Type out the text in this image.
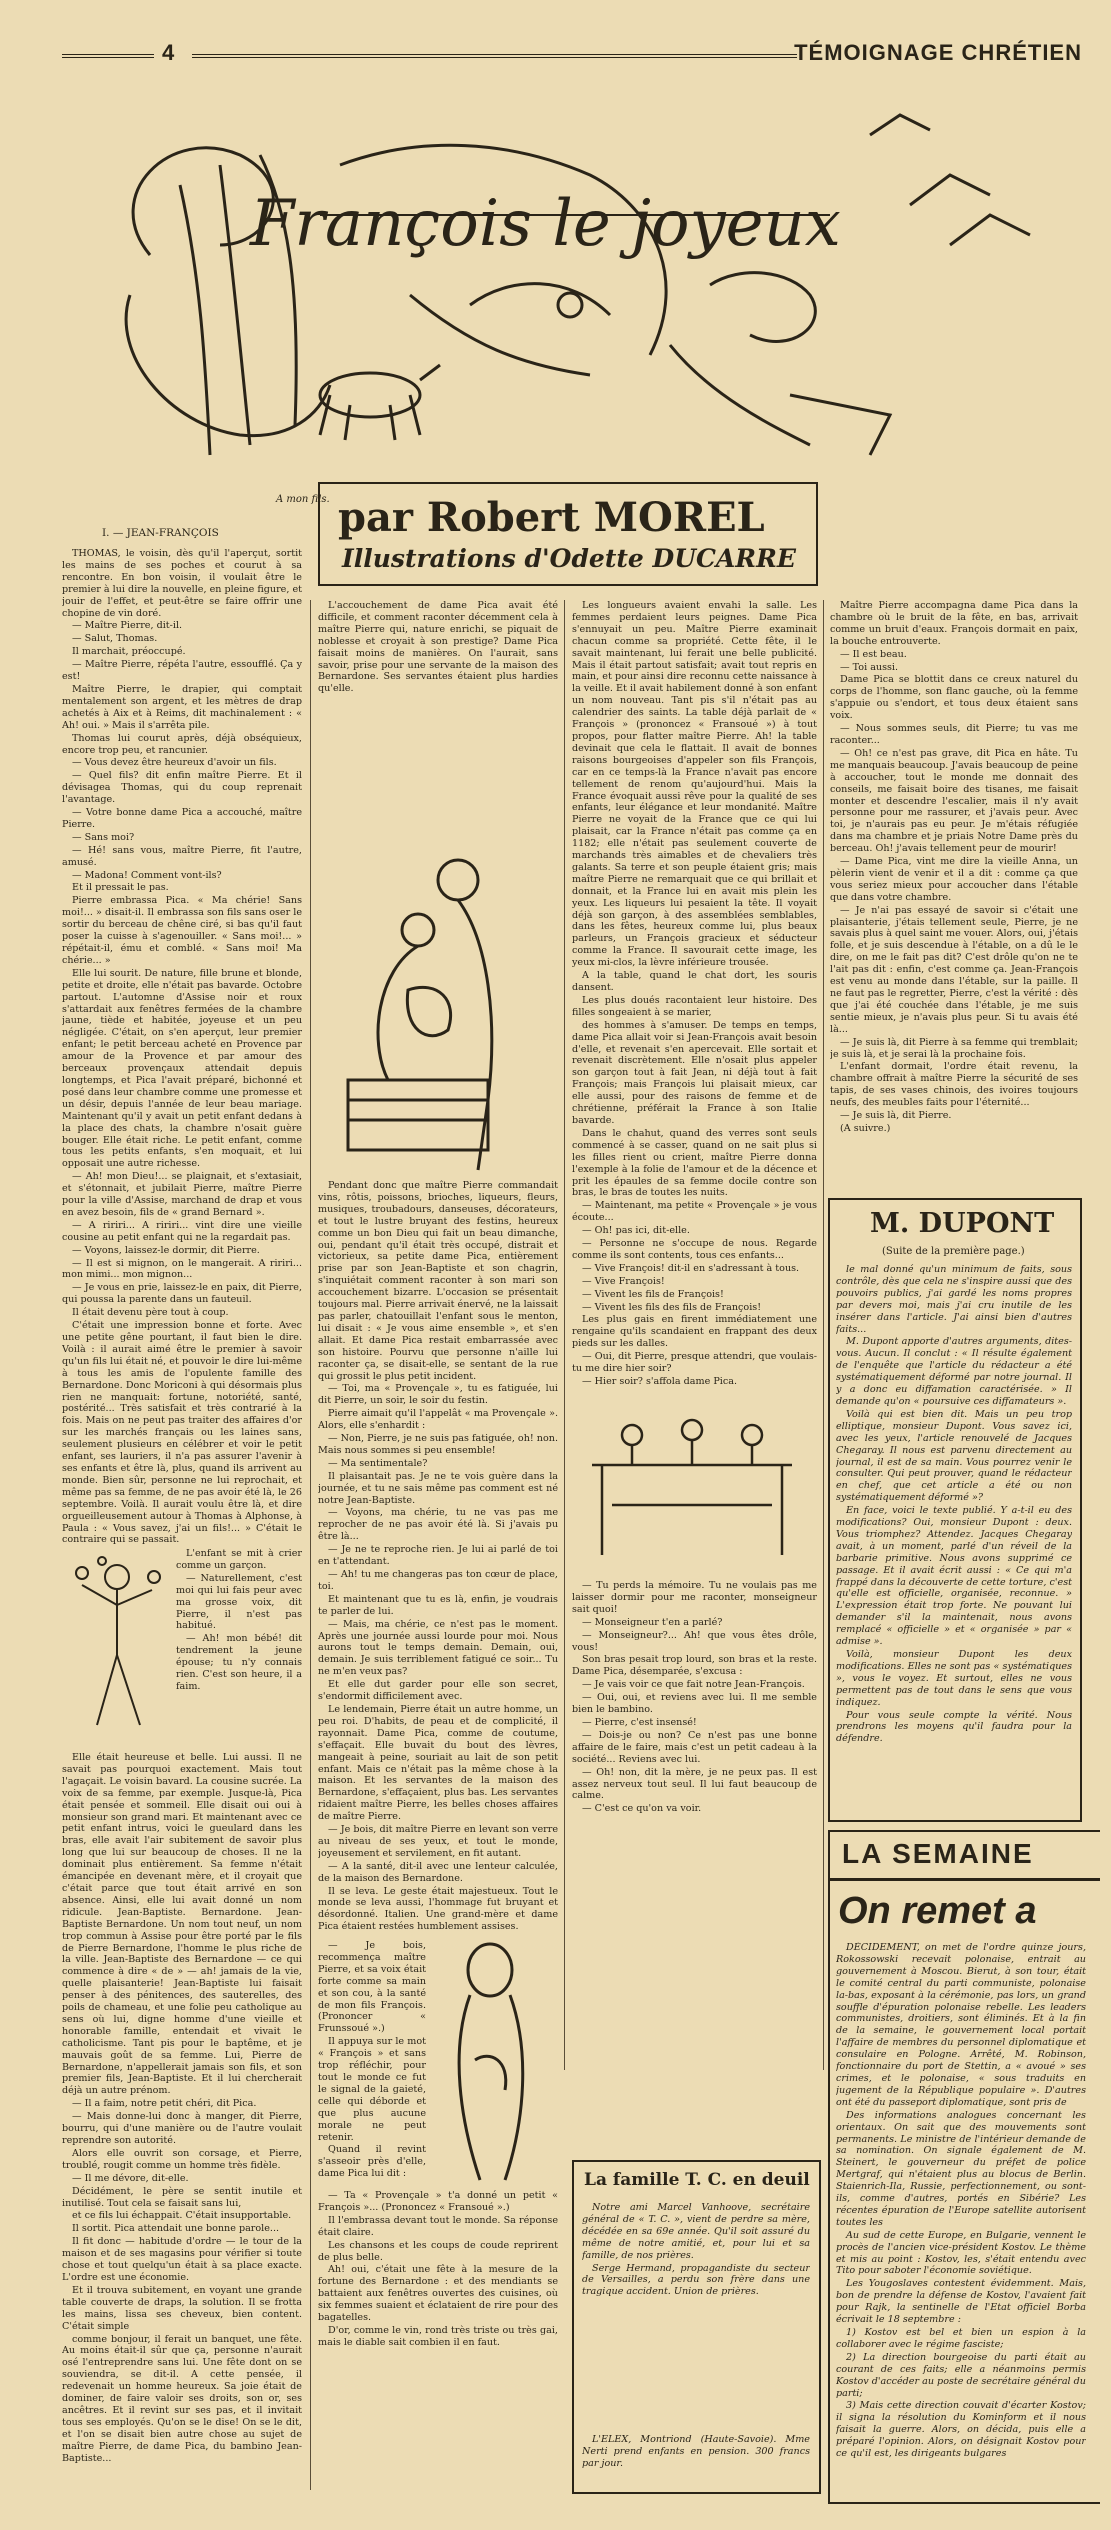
4	TÉMOIGNAGE CHRÉTIEN
François le joyeux
A mon fils. par Robert MOREL
Illustrations d'Odette DUCARRE
I. — JEAN-FRANÇOIS

THOMAS, le voisin, dès qu'il l'aperçut, sortit les mains de ses poches et courut à sa rencontre. En bon voisin, il voulait être le premier à lui dire la nouvelle, en pleine figure, et jouir de l'effet, et peut-être se faire offrir une chopine de vin doré.

— Maître Pierre, dit-il.

— Salut, Thomas.

Il marchait, préoccupé.

— Maître Pierre, répéta l'autre, essoufflé. Ça y est!

Maître Pierre, le drapier, qui comptait mentalement son argent, et les mètres de drap achetés à Aix et à Reims, dit machinalement : « Ah! oui. » Mais il s'arrêta pile.

Thomas lui courut après, déjà obséquieux, encore trop peu, et rancunier.

— Vous devez être heureux d'avoir un fils.

— Quel fils? dit enfin maître Pierre. Et il dévisagea Thomas, qui du coup reprenait l'avantage.

— Votre bonne dame Pica a accouché, maître Pierre.

— Sans moi?

— Hé! sans vous, maître Pierre, fit l'autre, amusé.

— Madona! Comment vont-ils?

Et il pressait le pas.

Pierre embrassa Pica. « Ma chérie! Sans moi!... » disait-il. Il embrassa son fils sans oser le sortir du berceau de chêne ciré, si bas qu'il faut poser la cuisse à s'agenouiller. « Sans moi!... » répétait-il, ému et comblé. « Sans moi! Ma chérie... »

Elle lui sourit. De nature, fille brune et blonde, petite et droite, elle n'était pas bavarde. Octobre partout. L'automne d'Assise noir et roux s'attardait aux fenêtres fermées de la chambre jaune, tiède et habitée, joyeuse et un peu négligée. C'était, on s'en aperçut, leur premier enfant; le petit berceau acheté en Provence par amour de la Provence et par amour des berceaux provençaux attendait depuis longtemps, et Pica l'avait préparé, bichonné et posé dans leur chambre comme une promesse et un désir, depuis l'année de leur beau mariage. Maintenant qu'il y avait un petit enfant dedans à la place des chats, la chambre n'osait guère bouger. Elle était riche. Le petit enfant, comme tous les petits enfants, s'en moquait, et lui opposait une autre richesse.

— Ah! mon Dieu!... se plaignait, et s'extasiait, et s'étonnait, et jubilait Pierre, maître Pierre pour la ville d'Assise, marchand de drap et vous en avez besoin, fils de « grand Bernard ».

— A ririri... A ririri... vint dire une vieille cousine au petit enfant qui ne la regardait pas.

— Voyons, laissez-le dormir, dit Pierre.

— Il est si mignon, on le mangerait. A ririri... mon mimi... mon mignon...

— Je vous en prie, laissez-le en paix, dit Pierre, qui poussa la parente dans un fauteuil.

Il était devenu père tout à coup.

C'était une impression bonne et forte. Avec une petite gêne pourtant, il faut bien le dire. Voilà : il aurait aimé être le premier à savoir qu'un fils lui était né, et pouvoir le dire lui-même à tous les amis de l'opulente famille des Bernardone. Donc Moriconi à qui désormais plus rien ne manquait: fortune, notoriété, santé, postérité... Très satisfait et très contrarié à la fois. Mais on ne peut pas traiter des affaires d'or sur les marchés français ou les laines sans, seulement plusieurs en célébrer et voir le petit enfant, ses lauriers, il n'a pas assurer l'avenir à ses enfants et être là, plus, quand ils arrivent au monde. Bien sûr, personne ne lui reprochait, et même pas sa femme, de ne pas avoir été là, le 26 septembre. Voilà. Il aurait voulu être là, et dire orgueilleusement autour à Thomas à Alphonse, à Paula : « Vous savez, j'ai un fils!... » C'était le contraire qui se passait.

L'enfant se mit à crier comme un garçon.

— Naturellement, c'est moi qui lui fais peur avec ma grosse voix, dit Pierre, il n'est pas habitué.

— Ah! mon bébé! dit tendrement la jeune épouse; tu n'y connais rien. C'est son heure, il a faim.

Elle était heureuse et belle. Lui aussi. Il ne savait pas pourquoi exactement. Mais tout l'agaçait. Le voisin bavard. La cousine sucrée. La voix de sa femme, par exemple. Jusque-là, Pica était pensée et sommeil. Elle disait oui oui à monsieur son grand mari. Et maintenant avec ce petit enfant intrus, voici le gueulard dans les bras, elle avait l'air subitement de savoir plus long que lui sur beaucoup de choses. Il ne la dominait plus entièrement. Sa femme n'était émancipée en devenant mère, et il croyait que c'était parce que tout était arrivé en son absence. Ainsi, elle lui avait donné un nom ridicule. Jean-Baptiste. Bernardone. Jean-Baptiste Bernardone. Un nom tout neuf, un nom trop commun à Assise pour être porté par le fils de Pierre Bernardone, l'homme le plus riche de la ville. Jean-Baptiste des Bernardone — ce qui commence à dire « de » — ah! jamais de la vie, quelle plaisanterie! Jean-Baptiste lui faisait penser à des pénitences, des sauterelles, des poils de chameau, et une folie peu catholique au sens où lui, digne homme d'une vieille et honorable famille, entendait et vivait le catholicisme. Tant pis pour le baptême, et je mauvais goût de sa femme. Lui, Pierre de Bernardone, n'appellerait jamais son fils, et son premier fils, Jean-Baptiste. Et il lui chercherait déjà un autre prénom.

— Il a faim, notre petit chéri, dit Pica.

— Mais donne-lui donc à manger, dit Pierre, bourru, qui d'une manière ou de l'autre voulait reprendre son autorité.

Alors elle ouvrit son corsage, et Pierre, troublé, rougit comme un homme très fidèle.

— Il me dévore, dit-elle.

Décidément, le père se sentit inutile et inutilisé. Tout cela se faisait sans lui,

et ce fils lui échappait. C'était insupportable.

Il sortit. Pica attendait une bonne parole...

Il fit donc — habitude d'ordre — le tour de la maison et de ses magasins pour vérifier si toute chose et tout quelqu'un était à sa place exacte. L'ordre est une économie.

Et il trouva subitement, en voyant une grande table couverte de draps, la solution. Il se frotta les mains, lissa ses cheveux, bien content. C'était simple

comme bonjour, il ferait un banquet, une fête. Au moins était-il sûr que ça, personne n'aurait osé l'entreprendre sans lui. Une fête dont on se souviendra, se dit-il. A cette pensée, il redevenait un homme heureux. Sa joie était de dominer, de faire valoir ses droits, son or, ses ancêtres. Et il revint sur ses pas, et il invitait tous ses employés. Qu'on se le dise! On se le dit, et l'on se disait bien autre chose au sujet de maître Pierre, de dame Pica, du bambino Jean-Baptiste...

L'accouchement de dame Pica avait été difficile, et comment raconter décemment cela à maître Pierre qui, nature enrichi, se piquait de noblesse et croyait à son prestige? Dame Pica faisait moins de manières. On l'aurait, sans savoir, prise pour une servante de la maison des Bernardone. Ses servantes étaient plus hardies qu'elle.

Pendant donc que maître Pierre commandait vins, rôtis, poissons, brioches, liqueurs, fleurs, musiques, troubadours, danseuses, décorateurs, et tout le lustre bruyant des festins, heureux comme un bon Dieu qui fait un beau dimanche, oui, pendant qu'il était très occupé, distrait et victorieux, sa petite dame Pica, entièrement prise par son Jean-Baptiste et son chagrin, s'inquiétait comment raconter à son mari son accouchement bizarre. L'occasion se présentait toujours mal. Pierre arrivait énervé, ne la laissait pas parler, chatouillait l'enfant sous le menton, lui disait : « Je vous aime ensemble », et s'en allait. Et dame Pica restait embarrassée avec son histoire. Pourvu que personne n'aille lui raconter ça, se disait-elle, se sentant de la rue qui grossit le plus petit incident.

— Toi, ma « Provençale », tu es fatiguée, lui dit Pierre, un soir, le soir du festin.

Pierre aimait qu'il l'appelât « ma Provençale ». Alors, elle s'enhardit :

— Non, Pierre, je ne suis pas fatiguée, oh! non. Mais nous sommes si peu ensemble!

— Ma sentimentale?

Il plaisantait pas. Je ne te vois guère dans la journée, et tu ne sais même pas comment est né notre Jean-Baptiste.

— Voyons, ma chérie, tu ne vas pas me reprocher de ne pas avoir été là. Si j'avais pu être là...

— Je ne te reproche rien. Je lui ai parlé de toi en t'attendant.

— Ah! tu me changeras pas ton cœur de place, toi.

Et maintenant que tu es là, enfin, je voudrais te parler de lui.

— Mais, ma chérie, ce n'est pas le moment. Après une journée aussi lourde pour moi. Nous aurons tout le temps demain. Demain, oui, demain. Je suis terriblement fatigué ce soir... Tu ne m'en veux pas?

Et elle dut garder pour elle son secret, s'endormit difficilement avec.

Le lendemain, Pierre était un autre homme, un peu roi. D'habits, de peau et de complicité, il rayonnait. Dame Pica, comme de coutume, s'effaçait. Elle buvait du bout des lèvres, mangeait à peine, souriait au lait de son petit enfant. Mais ce n'était pas la même chose à la maison. Et les servantes de la maison des Bernardone, s'effaçaient, plus bas. Les servantes ridaient maître Pierre, les belles choses affaires de maître Pierre.

— Je bois, dit maître Pierre en levant son verre au niveau de ses yeux, et tout le monde, joyeusement et servilement, en fit autant.

— A la santé, dit-il avec une lenteur calculée, de la maison des Bernardone.

Il se leva. Le geste était majestueux. Tout le monde se leva aussi, l'hommage fut bruyant et désordonné. Italien. Une grand-mère et dame Pica étaient restées humblement assises.

— Je bois, recommença maître Pierre, et sa voix était forte comme sa main et son cou, à la santé de mon fils François. (Prononcer « Frunssoué ».)

Il appuya sur le mot « François » et sans trop réfléchir, pour tout le monde ce fut le signal de la gaieté, celle qui déborde et que plus aucune morale ne peut retenir.

Quand il revint s'asseoir près d'elle, dame Pica lui dit :

— Ta « Provençale » t'a donné un petit « François »... (Prononcez « Fransoué ».)

Il l'embrassa devant tout le monde. Sa réponse était claire.

Les chansons et les coups de coude reprirent de plus belle.

Ah! oui, c'était une fête à la mesure de la fortune des Bernardone : et des mendiants se battaient aux fenêtres ouvertes des cuisines, où six femmes suaient et éclataient de rire pour des bagatelles.

D'or, comme le vin, rond très triste ou très gai, mais le diable sait combien il en faut.

Les longueurs avaient envahi la salle. Les femmes perdaient leurs peignes. Dame Pica s'ennuyait un peu. Maître Pierre examinait chacun comme sa propriété. Cette fête, il le savait maintenant, lui ferait une belle publicité. Mais il était partout satisfait; avait tout repris en main, et pour ainsi dire reconnu cette naissance à la veille. Et il avait habilement donné à son enfant un nom nouveau. Tant pis s'il n'était pas au calendrier des saints. La table déjà parlait de « François » (prononcez « Fransoué ») à tout propos, pour flatter maître Pierre. Ah! la table devinait que cela le flattait. Il avait de bonnes raisons bourgeoises d'appeler son fils François, car en ce temps-là la France n'avait pas encore tellement de renom qu'aujourd'hui. Mais la France évoquait aussi rêve pour la qualité de ses enfants, leur élégance et leur mondanité. Maître Pierre ne voyait de la France que ce qui lui plaisait, car la France n'était pas comme ça en 1182; elle n'était pas seulement couverte de marchands très aimables et de chevaliers très galants. Sa terre et son peuple étaient gris; mais maître Pierre ne remarquait que ce qui brillait et donnait, et la France lui en avait mis plein les yeux. Les liqueurs lui pesaient la tête. Il voyait déjà son garçon, à des assemblées semblables, dans les fêtes, heureux comme lui, plus beaux parleurs, un François gracieux et séducteur comme la France. Il savourait cette image, les yeux mi-clos, la lèvre inférieure trousée.

A la table, quand le chat dort, les souris dansent.

Les plus doués racontaient leur histoire. Des filles songeaient à se marier,

des hommes à s'amuser. De temps en temps, dame Pica allait voir si Jean-François avait besoin d'elle, et revenait s'en apercevait. Elle sortait et revenait discrètement. Elle n'osait plus appeler son garçon tout à fait Jean, ni déjà tout à fait François; mais François lui plaisait mieux, car elle aussi, pour des raisons de femme et de chrétienne, préférait la France à son Italie bavarde.

Dans le chahut, quand des verres sont seuls commencé à se casser, quand on ne sait plus si les filles rient ou crient, maître Pierre donna l'exemple à la folie de l'amour et de la décence et prit les épaules de sa femme docile contre son bras, le bras de toutes les nuits.

— Maintenant, ma petite « Provençale » je vous écoute...

— Oh! pas ici, dit-elle.

— Personne ne s'occupe de nous. Regarde comme ils sont contents, tous ces enfants...

— Vive François! dit-il en s'adressant à tous.

— Vive François!

— Vivent les fils de François!

— Vivent les fils des fils de François!

Les plus gais en firent immédiatement une rengaine qu'ils scandaient en frappant des deux pieds sur les dalles.

— Oui, dit Pierre, presque attendri, que voulais-tu me dire hier soir?

— Hier soir? s'affola dame Pica.

— Tu perds la mémoire. Tu ne voulais pas me laisser dormir pour me raconter, monseigneur sait quoi!

— Monseigneur t'en a parlé?

— Monseigneur?... Ah! que vous êtes drôle, vous!

Son bras pesait trop lourd, son bras et la reste. Dame Pica, désemparée, s'excusa :

— Je vais voir ce que fait notre Jean-François.

— Oui, oui, et reviens avec lui. Il me semble bien le bambino.

— Pierre, c'est insensé!

— Dois-je ou non? Ce n'est pas une bonne affaire de le faire, mais c'est un petit cadeau à la société... Reviens avec lui.

— Oh! non, dit la mère, je ne peux pas. Il est assez nerveux tout seul. Il lui faut beaucoup de calme.

— C'est ce qu'on va voir.

Maître Pierre accompagna dame Pica dans la chambre où le bruit de la fête, en bas, arrivait comme un bruit d'eaux. François dormait en paix, la bouche entrouverte.

— Il est beau.

— Toi aussi.

Dame Pica se blottit dans ce creux naturel du corps de l'homme, son flanc gauche, où la femme s'appuie ou s'endort, et tous deux étaient sans voix.

— Nous sommes seuls, dit Pierre; tu vas me raconter...

— Oh! ce n'est pas grave, dit Pica en hâte. Tu me manquais beaucoup. J'avais beaucoup de peine à accoucher, tout le monde me donnait des conseils, me faisait boire des tisanes, me faisait monter et descendre l'escalier, mais il n'y avait personne pour me rassurer, et j'avais peur. Avec toi, je n'aurais pas eu peur. Je m'étais réfugiée dans ma chambre et je priais Notre Dame près du berceau. Oh! j'avais tellement peur de mourir!

— Dame Pica, vint me dire la vieille Anna, un pèlerin vient de venir et il a dit : comme ça que vous seriez mieux pour accoucher dans l'étable que dans votre chambre.

— Je n'ai pas essayé de savoir si c'était une plaisanterie, j'étais tellement seule, Pierre, je ne savais plus à quel saint me vouer. Alors, oui, j'étais folle, et je suis descendue à l'étable, on a dû le le dire, on me le fait pas dit? C'est drôle qu'on ne te l'ait pas dit : enfin, c'est comme ça. Jean-François est venu au monde dans l'étable, sur la paille. Il ne faut pas le regretter, Pierre, c'est la vérité : dès que j'ai été couchée dans l'étable, je me suis sentie mieux, je n'avais plus peur. Si tu avais été là...

— Je suis là, dit Pierre à sa femme qui tremblait; je suis là, et je serai là la prochaine fois.

L'enfant dormait, l'ordre était revenu, la chambre offrait à maître Pierre la sécurité de ses tapis, de ses vases chinois, des ivoires toujours neufs, des meubles faits pour l'éternité...

— Je suis là, dit Pierre.

(A suivre.)

M. DUPONT
(Suite de la première page.)

le mal donné qu'un minimum de faits, sous contrôle, dès que cela ne s'inspire aussi que des pouvoirs publics, j'ai gardé les noms propres par devers moi, mais j'ai cru inutile de les insérer dans l'article. J'ai ainsi bien d'autres faits...

M. Dupont apporte d'autres arguments, dites-vous. Aucun. Il conclut : « Il résulte également de l'enquête que l'article du rédacteur a été systématiquement déformé par notre journal. Il y a donc eu diffamation caractérisée. » Il demande qu'on « poursuive ces diffamateurs ».

Voilà qui est bien dit. Mais un peu trop elliptique, monsieur Dupont. Vous savez ici, avec les yeux, l'article renouvelé de Jacques Chegaray. Il nous est parvenu directement au journal, il est de sa main. Vous pourrez venir le consulter. Qui peut prouver, quand le rédacteur en chef, que cet article a été ou non systématiquement déformé »?

En face, voici le texte publié. Y a-t-il eu des modifications? Oui, monsieur Dupont : deux. Vous triomphez? Attendez. Jacques Chegaray avait, à un moment, parlé d'un réveil de la barbarie primitive. Nous avons supprimé ce passage. Et il avait écrit aussi : « Ce qui m'a frappé dans la découverte de cette torture, c'est qu'elle est officielle, organisée, reconnue. » L'expression était trop forte. Ne pouvant lui demander s'il la maintenait, nous avons remplacé « officielle » et « organisée » par « admise ».

Voilà, monsieur Dupont les deux modifications. Elles ne sont pas « systématiques », vous le voyez. Et surtout, elles ne vous permettent pas de tout dans le sens que vous indiquez.

Pour vous seule compte la vérité. Nous prendrons les moyens qu'il faudra pour la défendre.

LA SEMAINE
On remet a

DÉCIDEMENT, on met de l'ordre quinze jours, Rokossowski recevait polonaise, entrait au gouvernement à Moscou. Bierut, à son tour, était le comité central du parti communiste, polonaise la-bas, exposant à la cérémonie, pas lors, un grand souffle d'épuration polonaise rebelle. Les leaders communistes, droitiers, sont éliminés. Et à la fin de la semaine, le gouvernement local portait l'affaire de membres du personnel diplomatique et consulaire en Pologne. Arrêté, M. Robinson, fonctionnaire du port de Stettin, a « avoué » ses crimes, et le polonaise, « sous traduits en jugement de la République populaire ». D'autres ont été du passeport diplomatique, sont pris de

Des informations analogues concernant les orientaux. On sait que des mouvements sont permanents. Le ministre de l'intérieur demande de sa nomination. On signale également de M. Steinert, le gouverneur du préfet de police Mertgraf, qui n'étaient plus au blocus de Berlin. Staienrich-Ila, Russie, perfectionnement, ou sont-ils, comme d'autres, portés en Sibérie? Les récentes épuration de l'Europe satellite autorisent toutes les

Au sud de cette Europe, en Bulgarie, vennent le procès de l'ancien vice-président Kostov. Le thème et mis au point : Kostov, les, s'était entendu avec Tito pour saboter l'économie soviétique.

Les Yougoslaves contestent évidemment. Mais, bon de prendre la défense de Kostov, l'avaient fait pour Rajk, la sentinelle de l'Etat officiel Borba écrivait le 18 septembre :

1) Kostov est bel et bien un espion à la collaborer avec le régime fasciste;

2) La direction bourgeoise du parti était au courant de ces faits; elle a néanmoins permis Kostov d'accéder au poste de secrétaire général du parti;

3) Mais cette direction couvait d'écarter Kostov; il signa la résolution du Kominform et il nous faisait la guerre. Alors, on décida, puis elle a préparé l'opinion. Alors, on désignait Kostov pour ce qu'il est, les dirigeants bulgares

La famille T. C. en deuil

Notre ami Marcel Vanhoove, secrétaire général de « T. C. », vient de perdre sa mère, décédée en sa 69e année. Qu'il soit assuré du même de notre amitié, et, pour lui et sa famille, de nos prières.

Serge Hermand, propagandiste du secteur de Versailles, a perdu son frère dans une tragique accident. Union de prières.

L'ELEX, Montriond (Haute-Savoie). Mme Nerti prend enfants en pension. 300 francs par jour.
